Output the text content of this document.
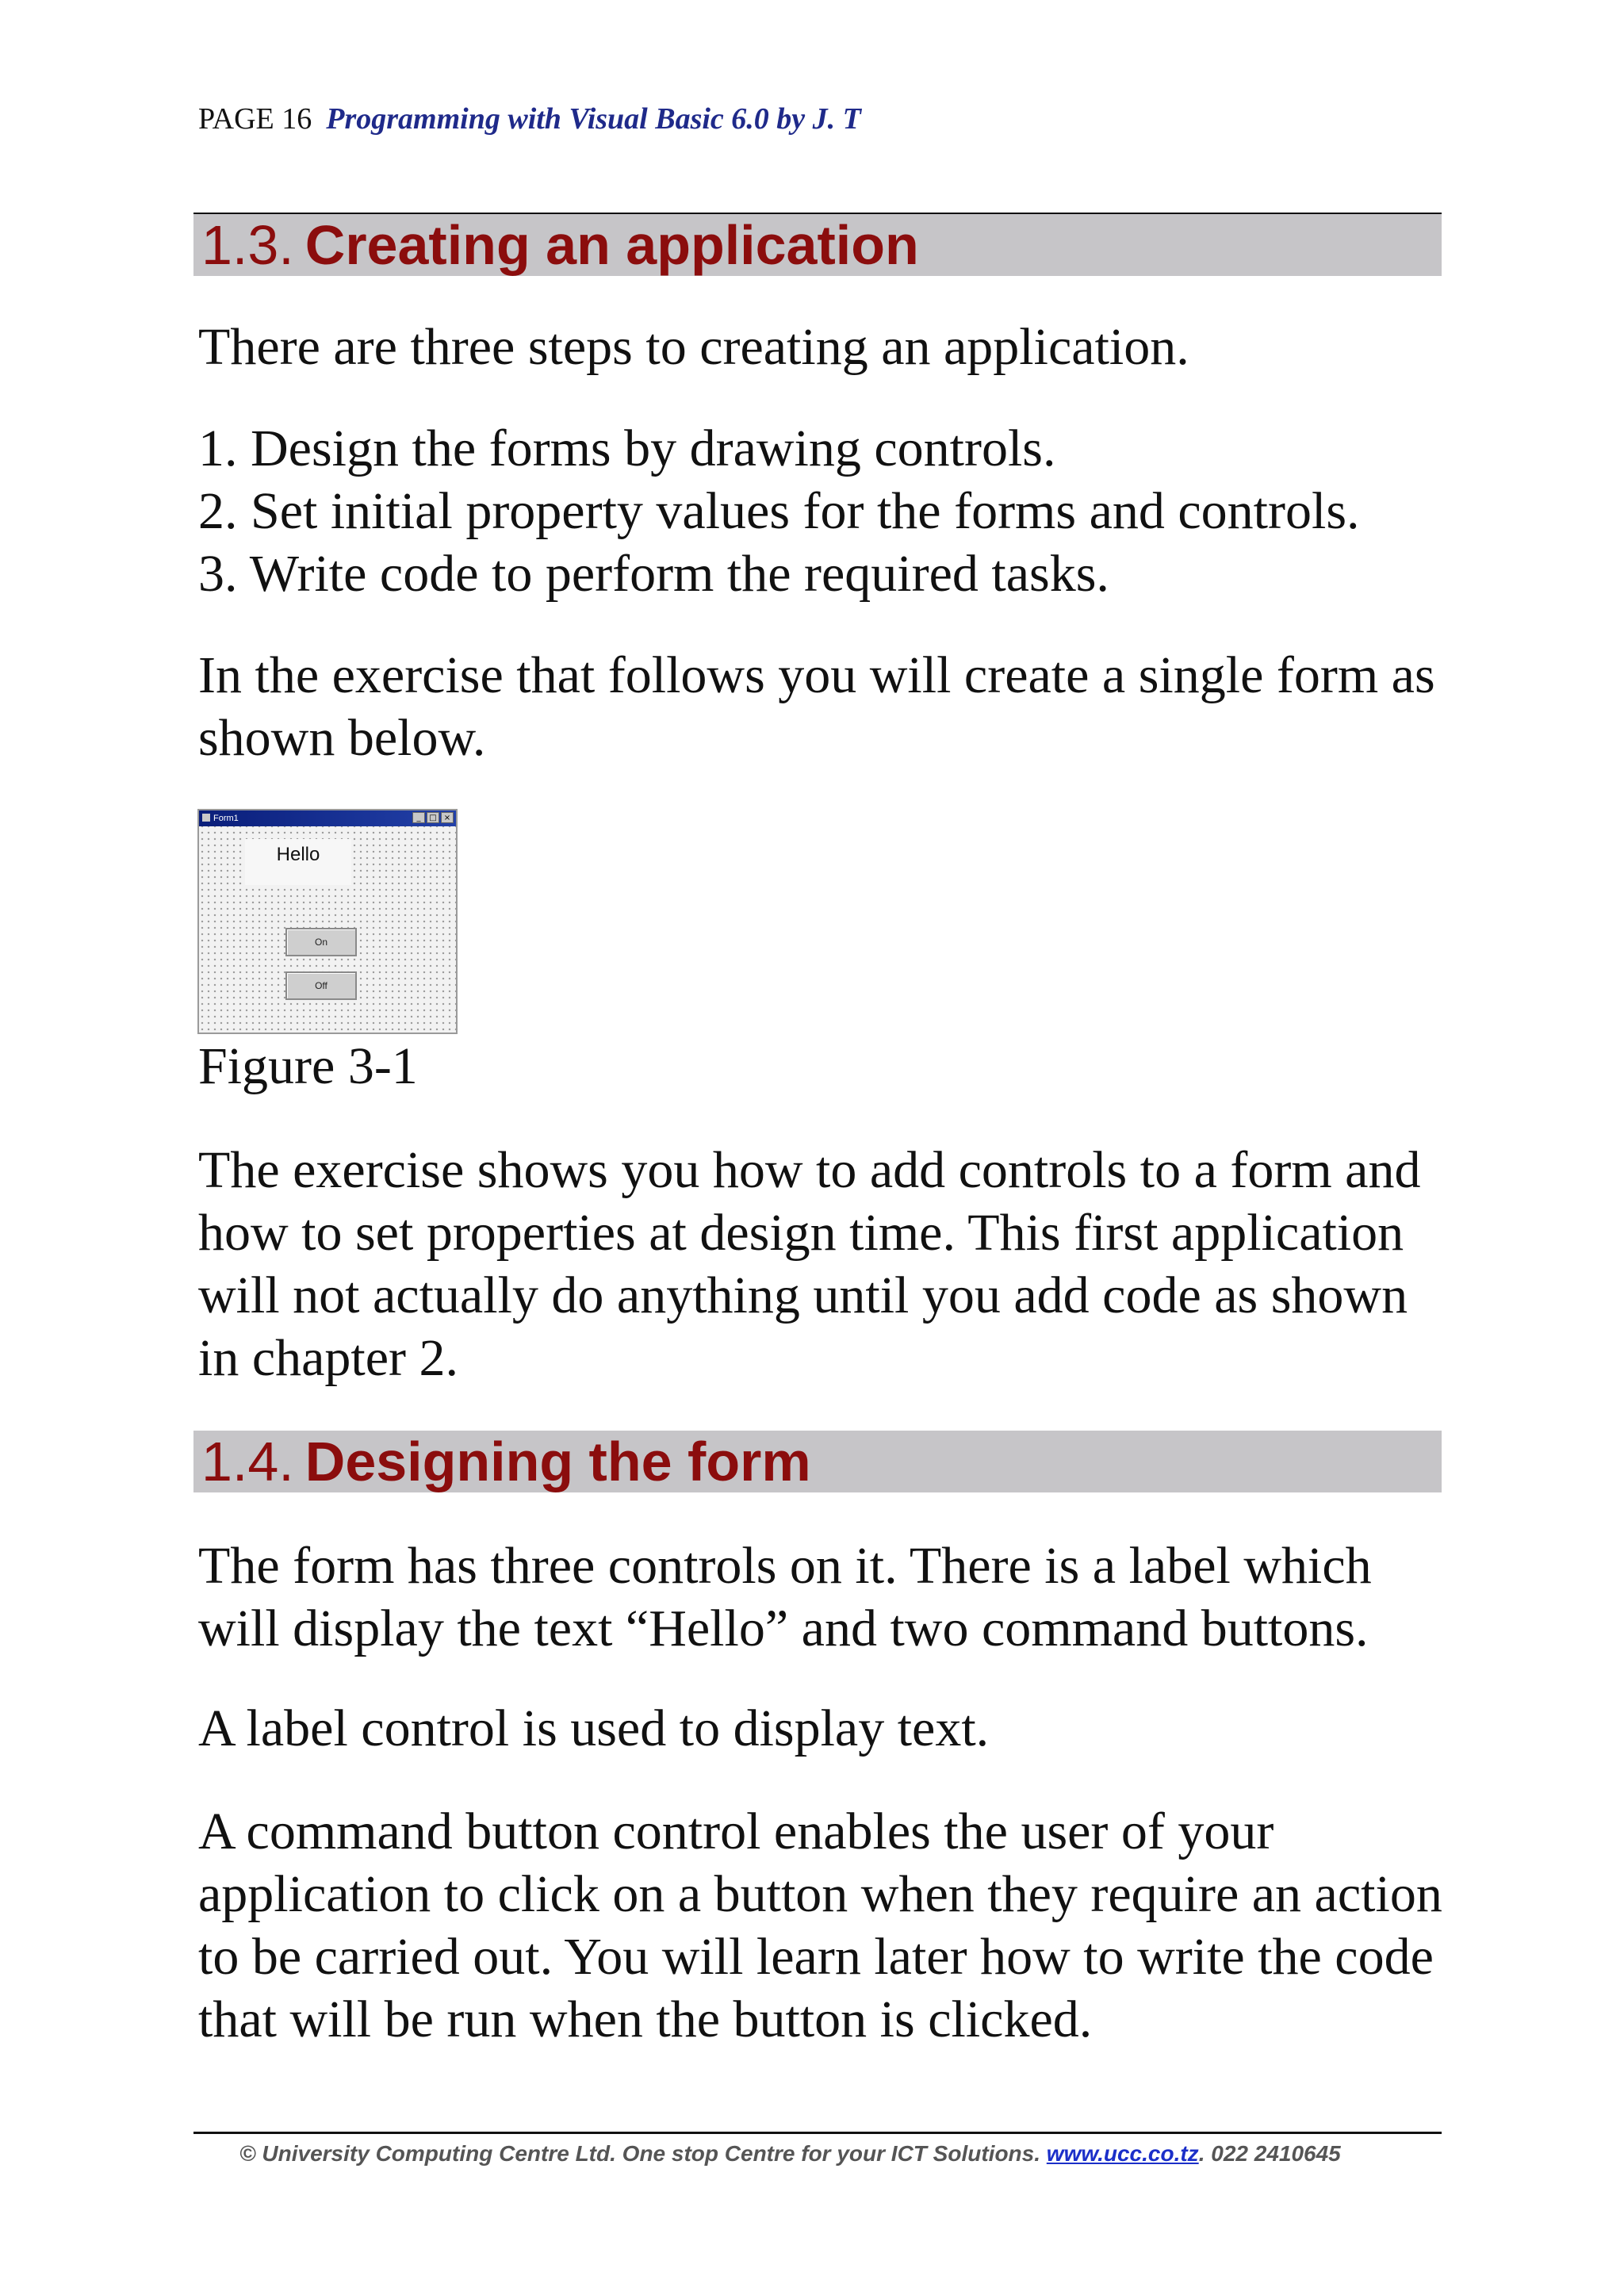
PAGE 16 Programming with Visual Basic 6.0 by J. T
1.3. Creating an application

There are three steps to creating an application.

1. Design the forms by drawing controls.
2. Set initial property values for the forms and controls.
3. Write code to perform the required tasks.

In the exercise that follows you will create a single form as shown below.

Form1	_	□ ×
Hello
On
Off

Figure 3-1

The exercise shows you how to add controls to a form and how to set properties at design time. This first application will not actually do anything until you add code as shown in chapter 2.

1.4. Designing the form

The form has three controls on it. There is a label which will display the text “Hello” and two command buttons.

A label control is used to display text.

A command button control enables the user of your application to click on a button when they require an action to be carried out. You will learn later how to write the code that will be run when the button is clicked.

© University Computing Centre Ltd. One stop Centre for your ICT Solutions. www.ucc.co.tz. 022 2410645
